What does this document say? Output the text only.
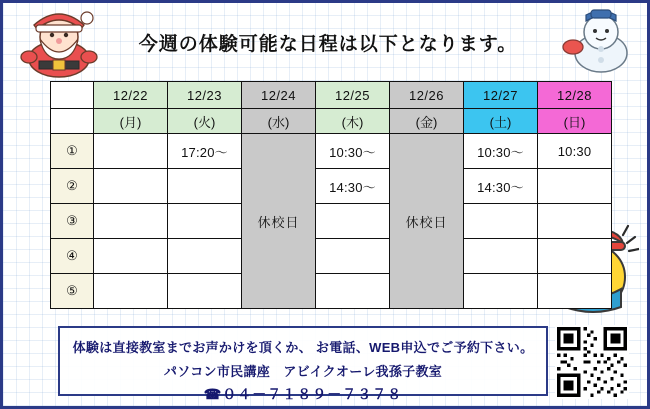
今週の体験可能な日程は以下となります。
	12/22	12/23	12/24	12/25	12/26	12/27	12/28
	(月)	(火)	(水)	(木)	(金)	(土)	(日)
①		17:20〜	休校日	10:30〜	休校日	10:30〜	10:30
②				14:30〜		14:30〜	
③							
④							
⑤							
体験は直接教室までお声かけを頂くか、 お電話、WEB申込でご予約下さい。
パソコン市民講座　アビイクオーレ我孫子教室
☎０４－７１８９－７３７８
